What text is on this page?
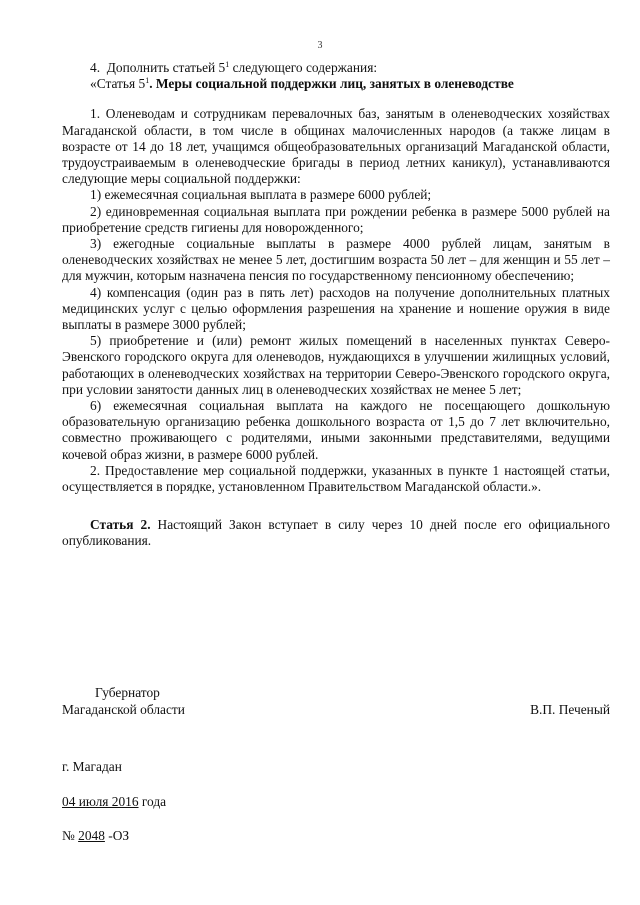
3

4.  Дополнить статьей $5^1$ следующего содержания:

«Статья $5^1$. Меры социальной поддержки лиц, занятых в оленеводстве

1. Оленеводам и сотрудникам перевалочных баз, занятым в оленеводческих хозяйствах Магаданской области, в том числе в общинах малочисленных народов (а также лицам в возрасте от 14 до 18 лет, учащимся общеобразовательных организаций Магаданской области, трудоустраиваемым в оленеводческие бригады в период летних каникул), устанавливаются следующие меры социальной поддержки:

1) ежемесячная социальная выплата в размере 6000 рублей;

2) единовременная социальная выплата при рождении ребенка в размере 5000 рублей на приобретение средств гигиены для новорожденного;

3) ежегодные социальные выплаты в размере 4000 рублей лицам, занятым в оленеводческих хозяйствах не менее 5 лет, достигшим возраста 50 лет – для женщин и 55 лет – для мужчин, которым назначена пенсия по государственному пенсионному обеспечению;

4) компенсация (один раз в пять лет) расходов на получение дополнительных платных медицинских услуг с целью оформления разрешения на хранение и ношение оружия в виде выплаты в размере 3000 рублей;

5) приобретение и (или) ремонт жилых помещений в населенных пунктах Северо-Эвенского городского округа для оленеводов, нуждающихся в улучшении жилищных условий, работающих в оленеводческих хозяйствах на территории Северо-Эвенского городского округа, при условии занятости данных лиц в оленеводческих хозяйствах не менее 5 лет;

6) ежемесячная социальная выплата на каждого не посещающего дошкольную образовательную организацию ребенка дошкольного возраста от 1,5 до 7 лет включительно, совместно проживающего с родителями, иными законными представителями, ведущими кочевой образ жизни, в размере 6000 рублей.

2. Предоставление мер социальной поддержки, указанных в пункте 1 настоящей статьи, осуществляется в порядке, установленном Правительством Магаданской области.».

Статья 2. Настоящий Закон вступает в силу через 10 дней после его официального опубликования.

Губернатор
Магаданской области	В.П. Печеный
г. Магадан
04 июля 2016 года
№ 2048 -ОЗ
